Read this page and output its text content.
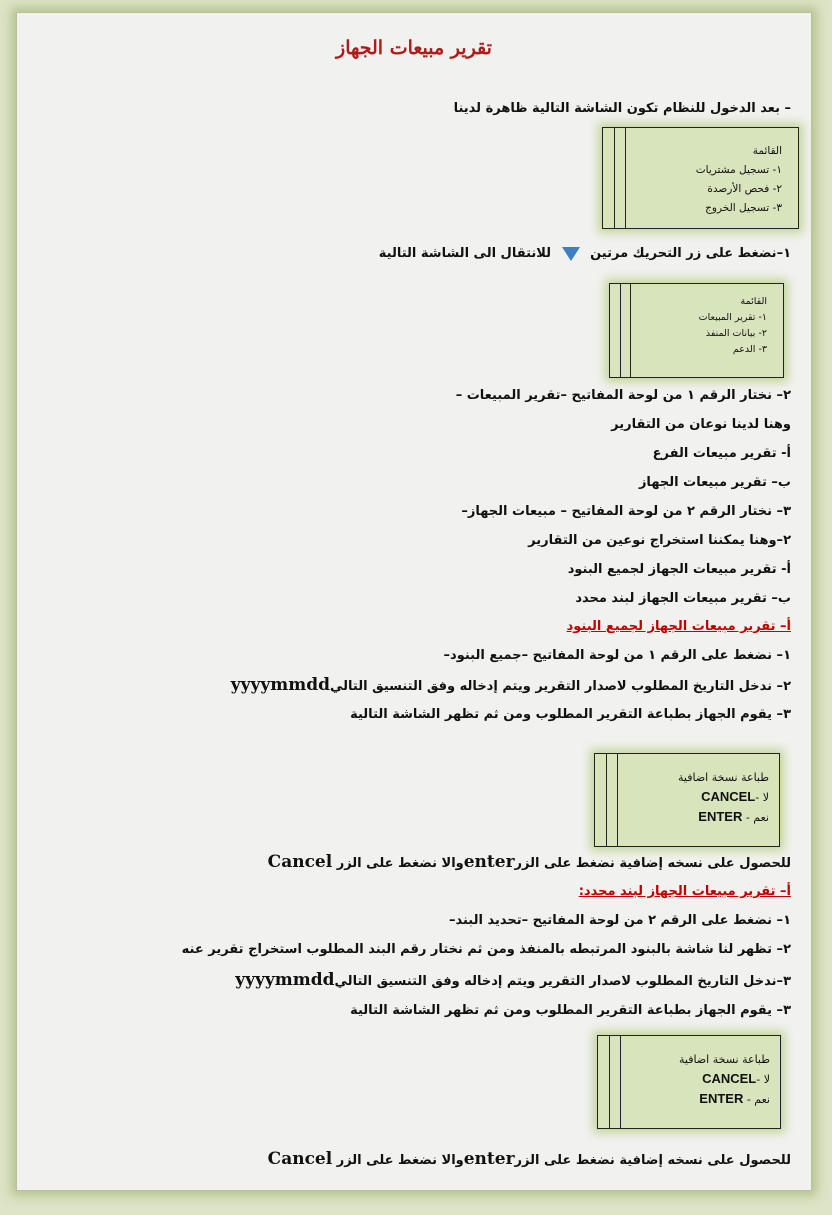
تقرير مبيعات الجهاز
– بعد الدخول للنظام تكون الشاشة التالية ظاهرة لدينا
القائمة
١- تسجيل مشتريات
٢- فحص الأرصدة
٣- تسجيل الخروج
١–نضغط على زر التحريك مرتين  للانتقال الى الشاشة التالية
القائمة
١- تقرير المبيعات
٢- بيانات المنفذ
٣- الدعم
٢– نختار الرقم ١ من لوحة المفاتيح –تقرير المبيعات –
وهنا لدينا نوعان من التقارير
أ- تقرير مبيعات الفرع
ب– تقرير مبيعات الجهاز
٣– نختار الرقم ٢ من لوحة المفاتيح – مبيعات الجهاز–
٢–وهنا يمكننا استخراج نوعين من التقارير
أ- تقرير مبيعات الجهاز لجميع البنود
ب– تقرير مبيعات الجهاز لبند محدد
أ– تقرير مبيعات الجهاز لجميع البنود
١– نضغط على الرقم ١ من لوحة المفاتيح –جميع البنود–
٢– ندخل التاريخ المطلوب لاصدار التقرير ويتم إدخاله وفق التنسيق التاليyyyymmdd
٣– يقوم الجهاز بطباعة التقرير المطلوب ومن ثم تظهر الشاشة التالية
طباعة نسخة اضافية
لا -CANCEL
نعم - ENTER
للحصول على نسخه إضافية نضغط على الزرenterوالا نضغط على الزر Cancel
أ– تقرير مبيعات الجهاز لبند محدد:
١– نضغط على الرقم ٢ من لوحة المفاتيح –تحديد البند–
٢– تظهر لنا شاشة بالبنود المرتبطه بالمنفذ ومن ثم نختار رقم البند المطلوب استخراج تقرير عنه
٣–ندخل التاريخ المطلوب لاصدار التقرير ويتم إدخاله وفق التنسيق التاليyyyymmdd
٣– يقوم الجهاز بطباعة التقرير المطلوب ومن ثم تظهر الشاشة التالية
طباعة نسخة اضافية
لا -CANCEL
نعم - ENTER
للحصول على نسخه إضافية نضغط على الزرenterوالا نضغط على الزر Cancel
